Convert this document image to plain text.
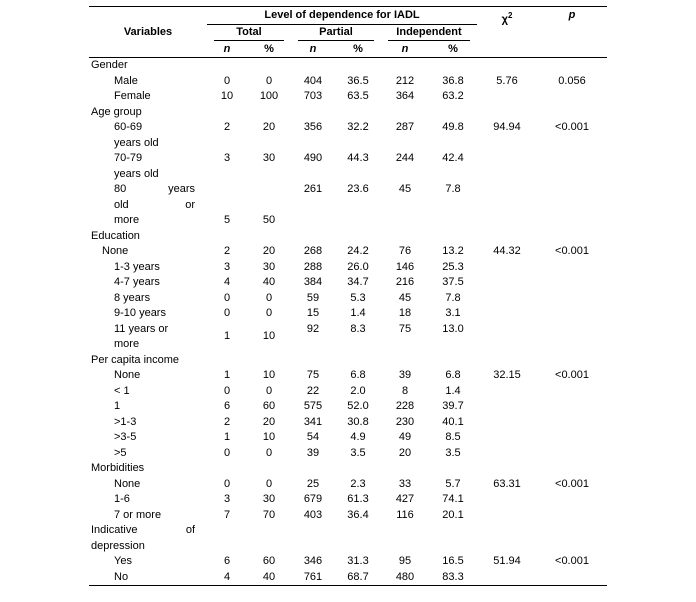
Variables	Level of dependence for IADL						$\chi^2$	p

	Total		Partial		Independent			

	n	%	n	%	n	%		

Gender								

Male	0	0	404	36.5	212	36.8	5.76	0.056

Female	10	100	703	63.5	364	63.2		

Age group								

60-69
years old	2	20	356	32.2	287	49.8	94.94	<0.001

70-79
years old	3	30	490	44.3	244	42.4		

80 years
old or
more	5	50	261	23.6	45	7.8		

Education								

None	2	20	268	24.2	76	13.2	44.32	<0.001

1-3 years	3	30	288	26.0	146	25.3		

4-7 years	4	40	384	34.7	216	37.5		

8 years	0	0	59	5.3	45	7.8		

9-10 years	0	0	15	1.4	18	3.1		

11 years or
more	1	10	92	8.3	75	13.0		

Per capita income								

None	1	10	75	6.8	39	6.8	32.15	<0.001

< 1	0	0	22	2.0	8	1.4		

1	6	60	575	52.0	228	39.7		

>1-3	2	20	341	30.8	230	40.1		

>3-5	1	10	54	4.9	49	8.5		

>5	0	0	39	3.5	20	3.5		

Morbidities								

None	0	0	25	2.3	33	5.7	63.31	<0.001

1-6	3	30	679	61.3	427	74.1		

7 or more	7	70	403	36.4	116	20.1		

Indicative of
depression								

Yes	6	60	346	31.3	95	16.5	51.94	<0.001

No	4	40	761	68.7	480	83.3		
